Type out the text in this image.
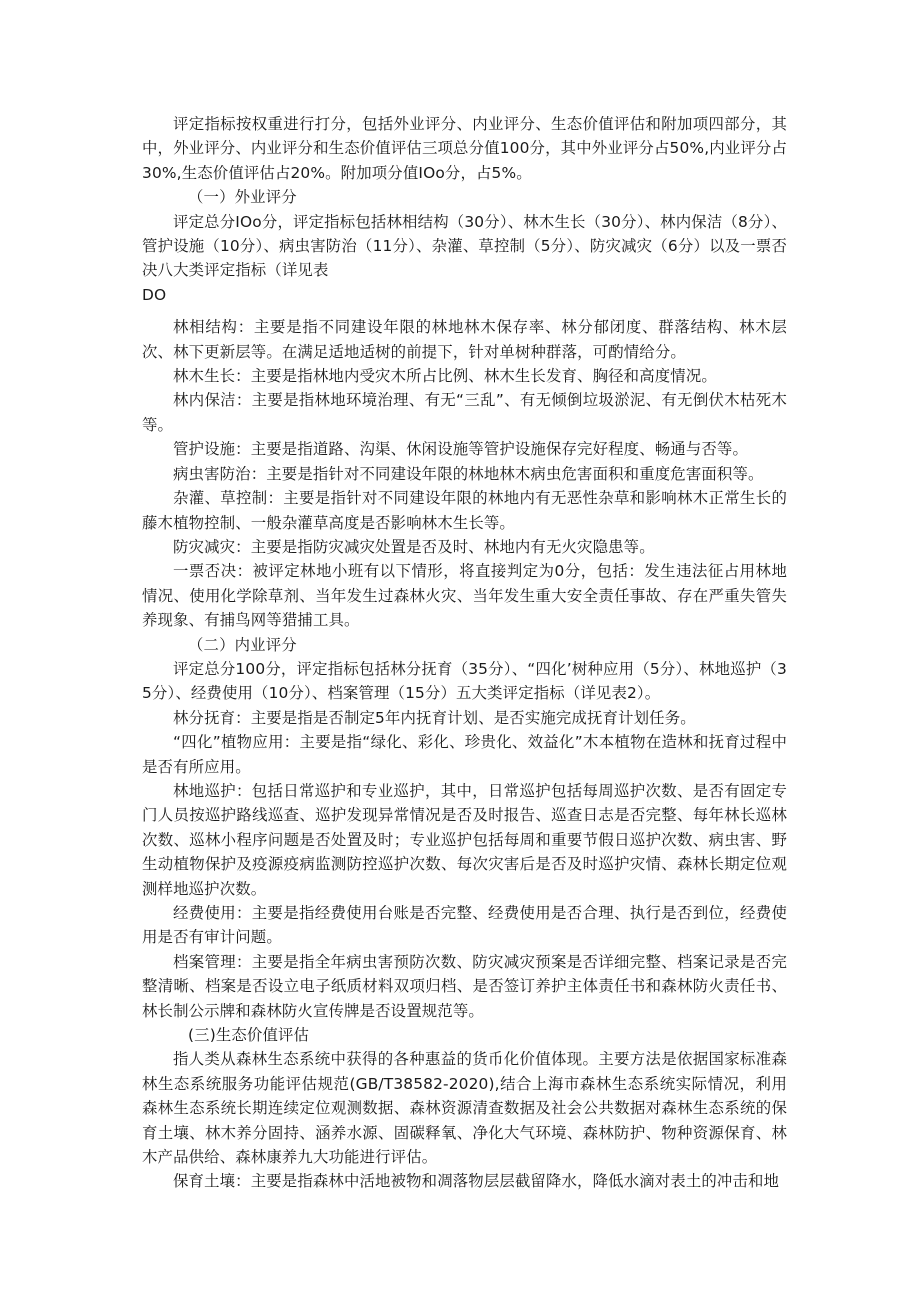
评定指标按权重进行打分，包括外业评分、内业评分、生态价值评估和附加项四部分，其中，外业评分、内业评分和生态价值评估三项总分值100分，其中外业评分占50%,内业评分占30%,生态价值评估占20%。附加项分值IOo分，占5%。

（一）外业评分

评定总分IOo分，评定指标包括林相结构（30分）、林木生长（30分）、林内保洁（8分）、管护设施（10分）、病虫害防治（11分）、杂灌、草控制（5分）、防灾减灾（6分）以及一票否决八大类评定指标（详见表

DO

林相结构：主要是指不同建设年限的林地林木保存率、林分郁闭度、群落结构、林木层次、林下更新层等。在满足适地适树的前提下，针对单树种群落，可酌情给分。

林木生长：主要是指林地内受灾木所占比例、林木生长发育、胸径和高度情况。

林内保洁：主要是指林地环境治理、有无“三乱”、有无倾倒垃圾淤泥、有无倒伏木枯死木等。

管护设施：主要是指道路、沟渠、休闲设施等管护设施保存完好程度、畅通与否等。

病虫害防治：主要是指针对不同建设年限的林地林木病虫危害面积和重度危害面积等。

杂灌、草控制：主要是指针对不同建设年限的林地内有无恶性杂草和影响林木正常生长的藤木植物控制、一般杂灌草高度是否影响林木生长等。

防灾减灾：主要是指防灾减灾处置是否及时、林地内有无火灾隐患等。

一票否决：被评定林地小班有以下情形，将直接判定为0分，包括：发生违法征占用林地情况、使用化学除草剂、当年发生过森林火灾、当年发生重大安全责任事故、存在严重失管失养现象、有捕鸟网等猎捕工具。

（二）内业评分

评定总分100分，评定指标包括林分抚育（35分）、“四化’树种应用（5分）、林地巡护（35分）、经费使用（10分）、档案管理（15分）五大类评定指标（详见表2）。

林分抚育：主要是指是否制定5年内抚育计划、是否实施完成抚育计划任务。

“四化”植物应用：主要是指“绿化、彩化、珍贵化、效益化”木本植物在造林和抚育过程中是否有所应用。

林地巡护：包括日常巡护和专业巡护，其中，日常巡护包括每周巡护次数、是否有固定专门人员按巡护路线巡查、巡护发现异常情况是否及时报告、巡查日志是否完整、每年林长巡林次数、巡林小程序问题是否处置及时；专业巡护包括每周和重要节假日巡护次数、病虫害、野生动植物保护及疫源疫病监测防控巡护次数、每次灾害后是否及时巡护灾情、森林长期定位观测样地巡护次数。

经费使用：主要是指经费使用台账是否完整、经费使用是否合理、执行是否到位，经费使用是否有审计问题。

档案管理：主要是指全年病虫害预防次数、防灾减灾预案是否详细完整、档案记录是否完整清晰、档案是否设立电子纸质材料双项归档、是否签订养护主体责任书和森林防火责任书、林长制公示牌和森林防火宣传牌是否设置规范等。

(三)生态价值评估

指人类从森林生态系统中获得的各种惠益的货币化价值体现。主要方法是依据国家标准森林生态系统服务功能评估规范(GB/T38582-2020),结合上海市森林生态系统实际情况，利用森林生态系统长期连续定位观测数据、森林资源清查数据及社会公共数据对森林生态系统的保育土壤、林木养分固持、涵养水源、固碳释氧、净化大气环境、森林防护、物种资源保育、林木产品供给、森林康养九大功能进行评估。

保育土壤：主要是指森林中活地被物和凋落物层层截留降水，降低水滴对表土的冲击和地
